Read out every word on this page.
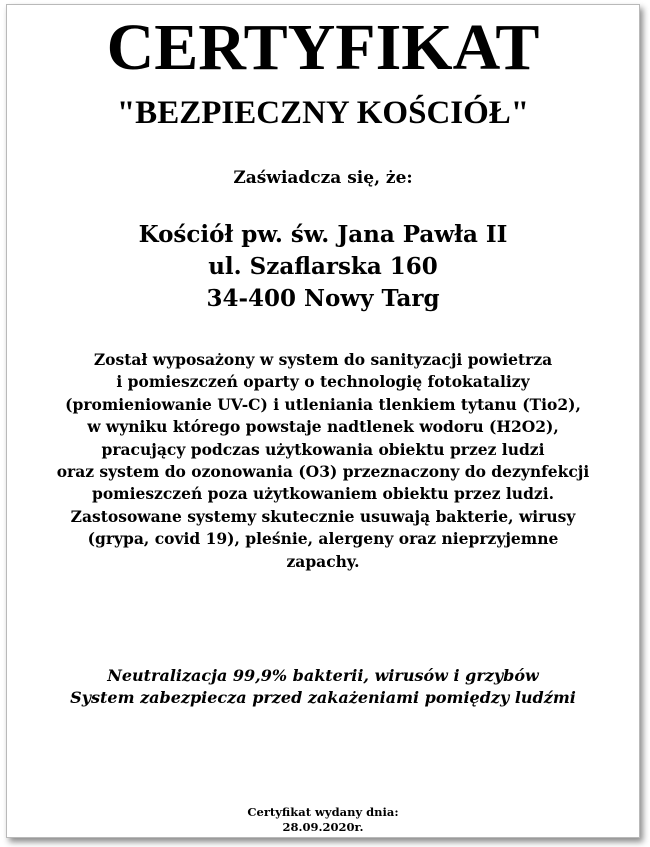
CERTYFIKAT
"BEZPIECZNY KOŚCIÓŁ"
Zaświadcza się, że:
Kościół pw. św. Jana Pawła II
ul. Szaflarska 160
34-400 Nowy Targ
Został wyposażony w system do sanityzacji powietrza
i pomieszczeń oparty o technologię fotokatalizy
(promieniowanie UV-C) i utleniania tlenkiem tytanu (Tio2),
w wyniku którego powstaje nadtlenek wodoru (H2O2),
pracujący podczas użytkowania obiektu przez ludzi
oraz system do ozonowania (O3) przeznaczony do dezynfekcji
pomieszczeń poza użytkowaniem obiektu przez ludzi.
Zastosowane systemy skutecznie usuwają bakterie, wirusy
(grypa, covid 19), pleśnie, alergeny oraz nieprzyjemne
zapachy.
Neutralizacja 99,9% bakterii, wirusów i grzybów
System zabezpiecza przed zakażeniami pomiędzy ludźmi
Certyfikat wydany dnia:
28.09.2020r.
